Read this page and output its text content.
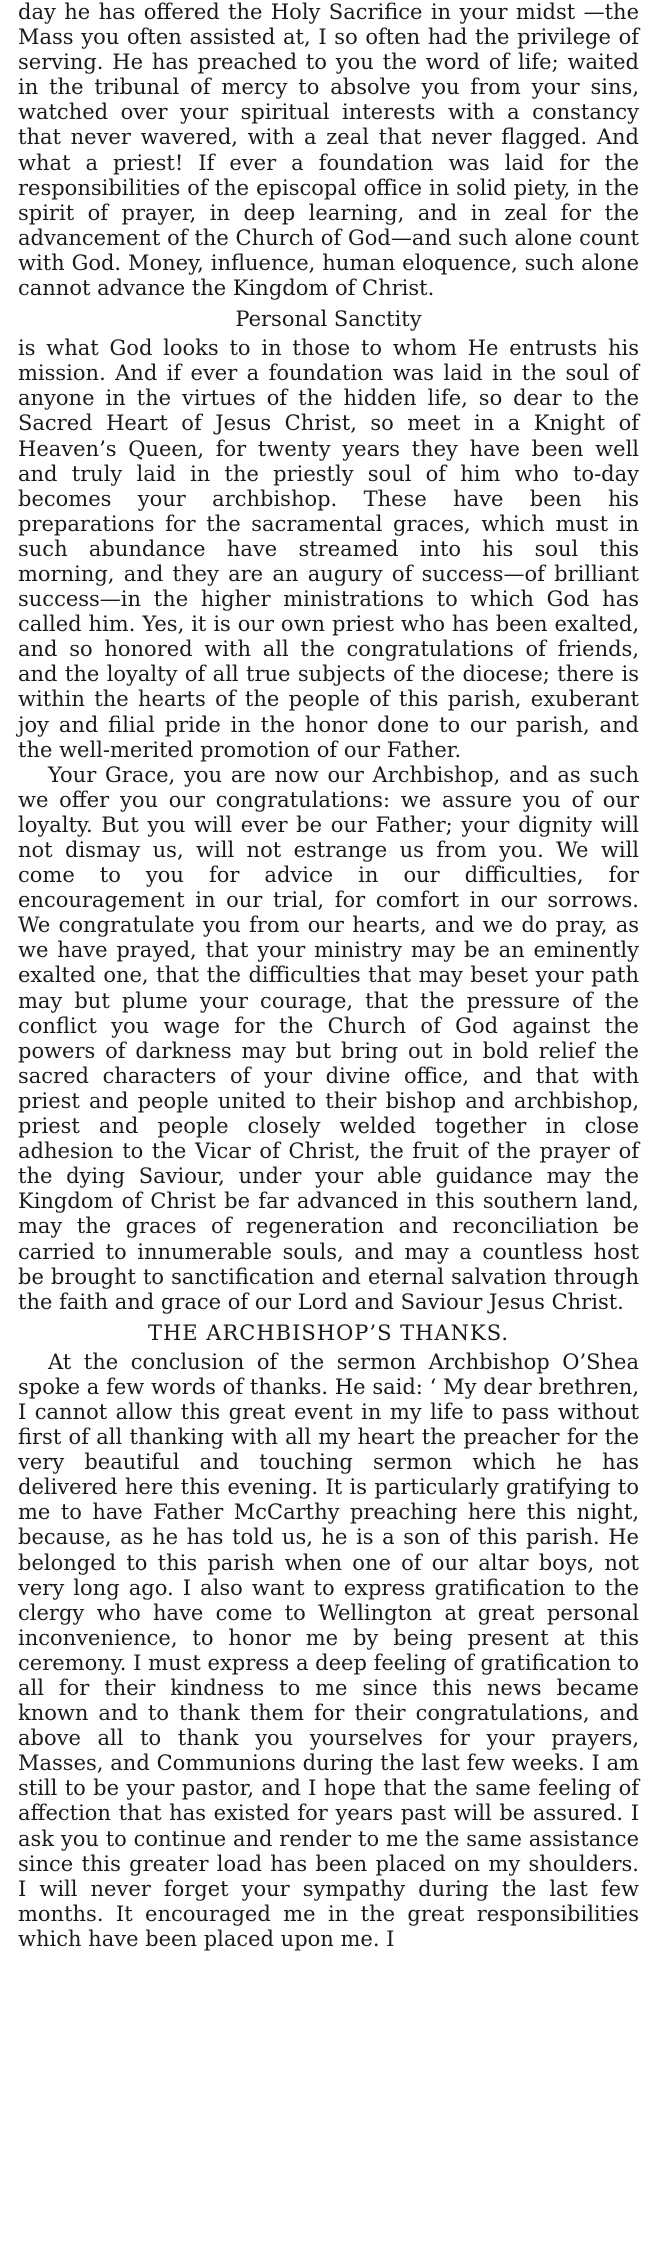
day he has offered the Holy Sacrifice in your midst —the Mass you often assisted at, I so often had the privilege of serving. He has preached to you the word of life; waited in the tribunal of mercy to absolve you from your sins, watched over your spiritual interests with a constancy that never wavered, with a zeal that never flagged. And what a priest! If ever a foundation was laid for the responsibilities of the episcopal office in solid piety, in the spirit of prayer, in deep learning, and in zeal for the advancement of the Church of God—and such alone count with God. Money, influence, human eloquence, such alone cannot advance the Kingdom of Christ.

Personal Sanctity

is what God looks to in those to whom He entrusts his mission. And if ever a foundation was laid in the soul of anyone in the virtues of the hidden life, so dear to the Sacred Heart of Jesus Christ, so meet in a Knight of Heaven’s Queen, for twenty years they have been well and truly laid in the priestly soul of him who to-day becomes your archbishop. These have been his preparations for the sacramental graces, which must in such abundance have streamed into his soul this morning, and they are an augury of success—of brilliant success—in the higher ministrations to which God has called him. Yes, it is our own priest who has been exalted, and so honored with all the congratulations of friends, and the loyalty of all true subjects of the diocese; there is within the hearts of the people of this parish, exuberant joy and filial pride in the honor done to our parish, and the well-merited promotion of our Father.

Your Grace, you are now our Archbishop, and as such we offer you our congratulations: we assure you of our loyalty. But you will ever be our Father; your dignity will not dismay us, will not estrange us from you. We will come to you for advice in our difficulties, for encouragement in our trial, for comfort in our sorrows. We congratulate you from our hearts, and we do pray, as we have prayed, that your ministry may be an eminently exalted one, that the difficulties that may beset your path may but plume your courage, that the pressure of the conflict you wage for the Church of God against the powers of darkness may but bring out in bold relief the sacred characters of your divine office, and that with priest and people united to their bishop and archbishop, priest and people closely welded together in close adhesion to the Vicar of Christ, the fruit of the prayer of the dying Saviour, under your able guidance may the Kingdom of Christ be far advanced in this southern land, may the graces of regeneration and reconciliation be carried to innumerable souls, and may a countless host be brought to sanctification and eternal salvation through the faith and grace of our Lord and Saviour Jesus Christ.

THE ARCHBISHOP’S THANKS.

At the conclusion of the sermon Archbishop O’Shea spoke a few words of thanks. He said: ‘ My dear brethren, I cannot allow this great event in my life to pass without first of all thanking with all my heart the preacher for the very beautiful and touching sermon which he has delivered here this evening. It is particularly gratifying to me to have Father McCarthy preaching here this night, because, as he has told us, he is a son of this parish. He belonged to this parish when one of our altar boys, not very long ago. I also want to express gratification to the clergy who have come to Wellington at great personal inconvenience, to honor me by being present at this ceremony. I must express a deep feeling of gratification to all for their kindness to me since this news became known and to thank them for their congratulations, and above all to thank you yourselves for your prayers, Masses, and Communions during the last few weeks. I am still to be your pastor, and I hope that the same feeling of affection that has existed for years past will be assured. I ask you to continue and render to me the same assistance since this greater load has been placed on my shoulders. I will never forget your sympathy during the last few months. It encouraged me in the great responsibilities which have been placed upon me. I
